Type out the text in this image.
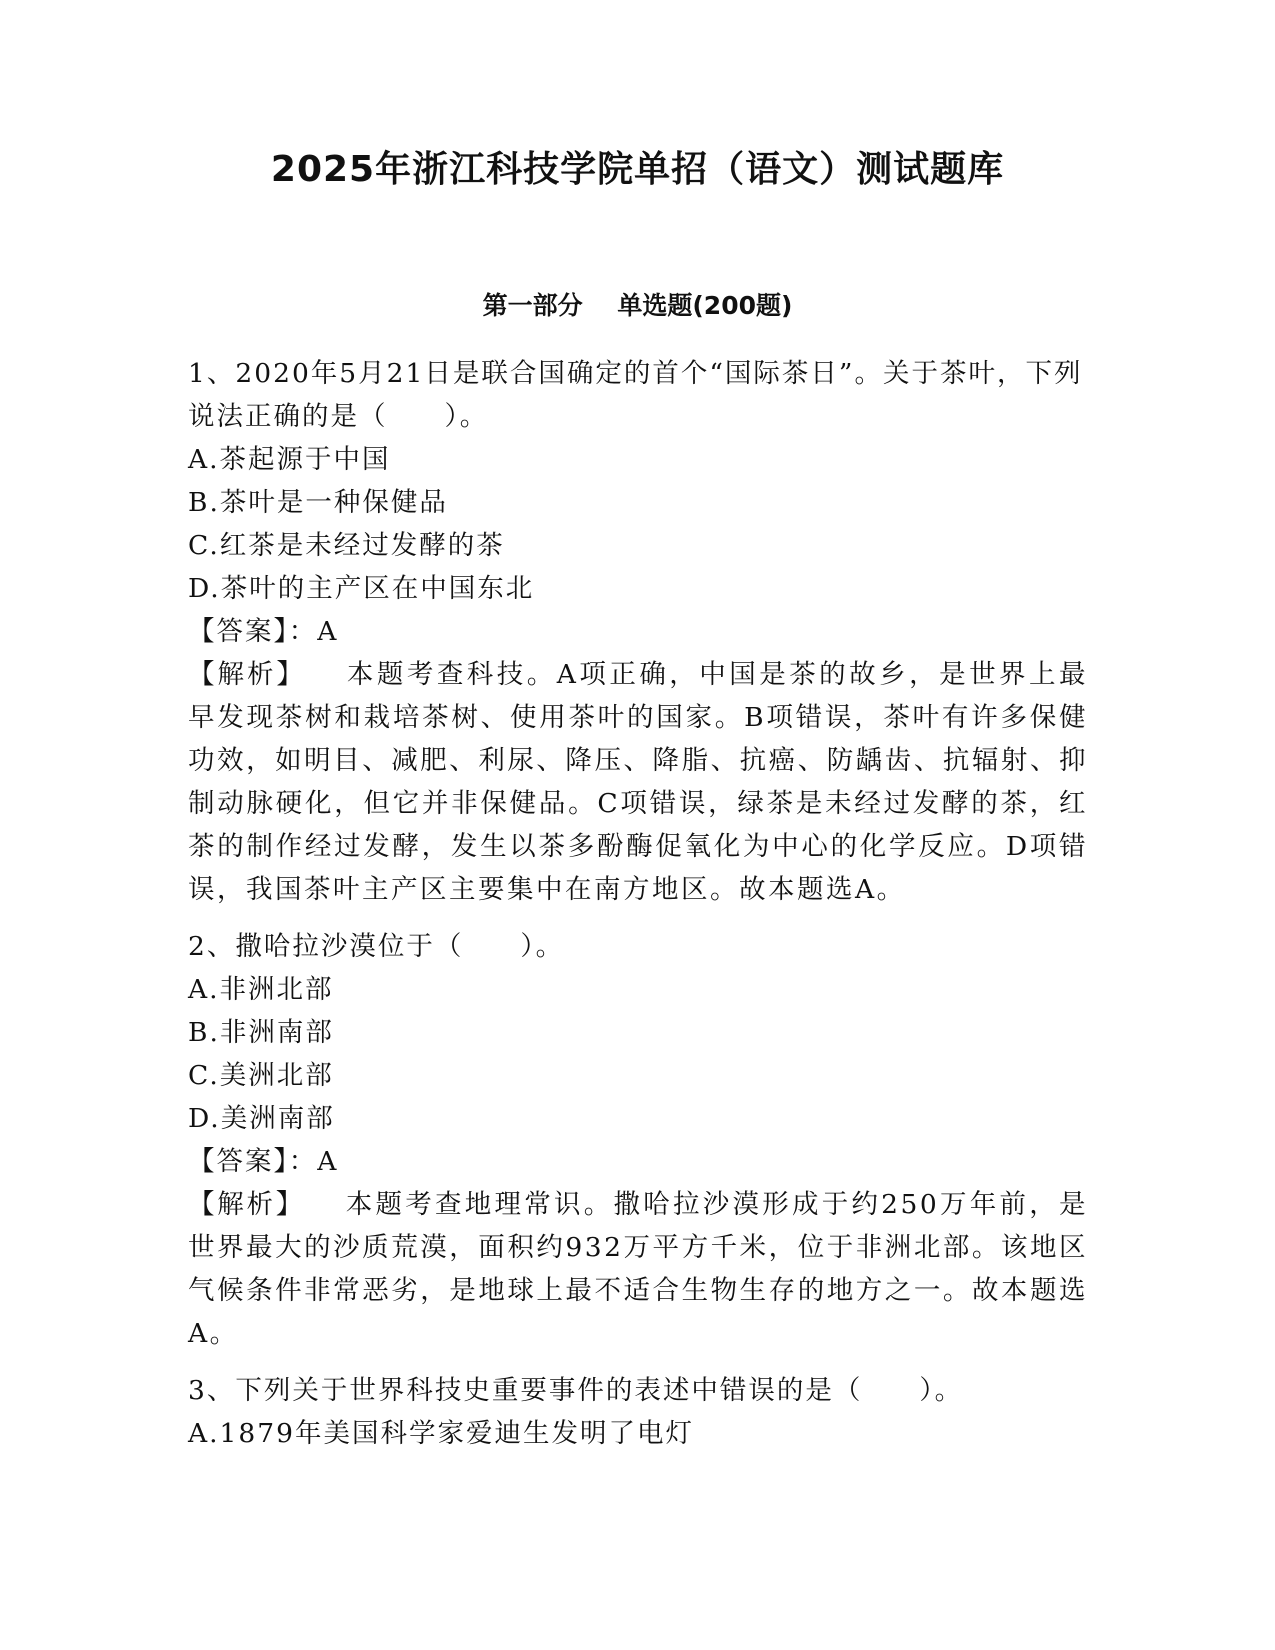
2025年浙江科技学院单招（语文）测试题库
第一部分    单选题(200题)

1、2020年5月21日是联合国确定的首个“国际茶日”。关于茶叶，下列说法正确的是（　　）。

A.茶起源于中国

B.茶叶是一种保健品

C.红茶是未经过发酵的茶

D.茶叶的主产区在中国东北

【答案】：A

【解析】 本题考查科技。A项正确，中国是茶的故乡，是世界上最早发现茶树和栽培茶树、使用茶叶的国家。B项错误，茶叶有许多保健功效，如明目、减肥、利尿、降压、降脂、抗癌、防龋齿、抗辐射、抑制动脉硬化，但它并非保健品。C项错误，绿茶是未经过发酵的茶，红茶的制作经过发酵，发生以茶多酚酶促氧化为中心的化学反应。D项错误，我国茶叶主产区主要集中在南方地区。故本题选A。

2、撒哈拉沙漠位于（　　）。

A.非洲北部

B.非洲南部

C.美洲北部

D.美洲南部

【答案】：A

【解析】 本题考查地理常识。撒哈拉沙漠形成于约250万年前，是世界最大的沙质荒漠，面积约932万平方千米，位于非洲北部。该地区气候条件非常恶劣，是地球上最不适合生物生存的地方之一。故本题选A。

3、下列关于世界科技史重要事件的表述中错误的是（　　）。

A.1879年美国科学家爱迪生发明了电灯
